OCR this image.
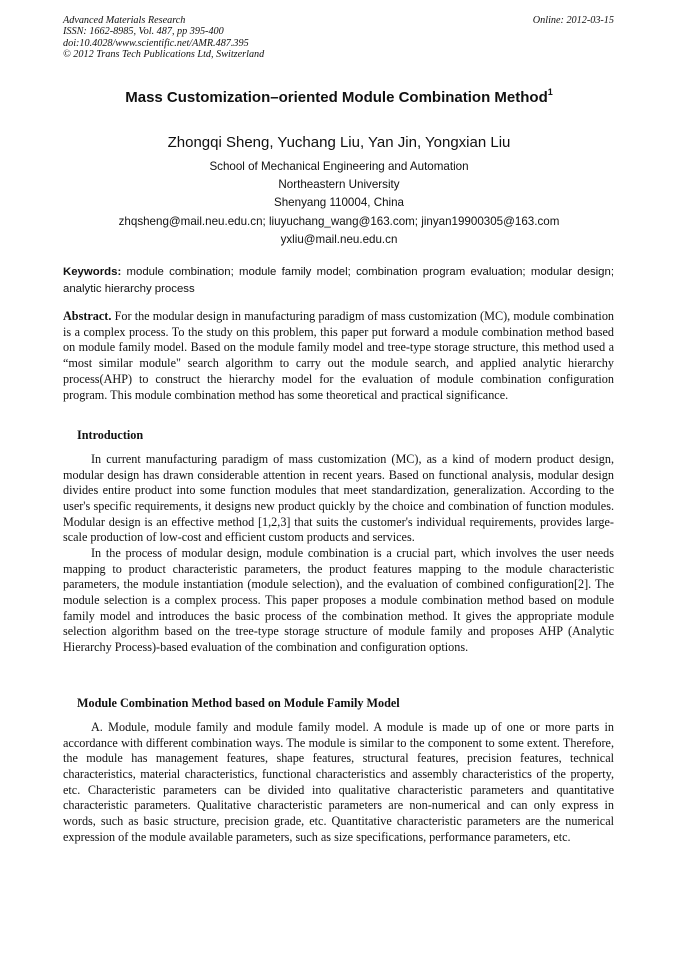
Advanced Materials Research
ISSN: 1662-8985, Vol. 487, pp 395-400
doi:10.4028/www.scientific.net/AMR.487.395
© 2012 Trans Tech Publications Ltd, Switzerland
Online: 2012-03-15
Mass Customization–oriented Module Combination Method$^1$
Zhongqi Sheng, Yuchang Liu, Yan Jin, Yongxian Liu
School of Mechanical Engineering and Automation
Northeastern University
Shenyang 110004, China
zhqsheng@mail.neu.edu.cn; liuyuchang_wang@163.com; jinyan19900305@163.com
yxliu@mail.neu.edu.cn
Keywords: module combination; module family model; combination program evaluation; modular design; analytic hierarchy process

Abstract. For the modular design in manufacturing paradigm of mass customization (MC), module combination is a complex process. To the study on this problem, this paper put forward a module combination method based on module family model. Based on the module family model and tree-type storage structure, this method used a “most similar module" search algorithm to carry out the module search, and applied analytic hierarchy process(AHP) to construct the hierarchy model for the evaluation of module combination configuration program. This module combination method has some theoretical and practical significance.

Introduction

In current manufacturing paradigm of mass customization (MC), as a kind of modern product design, modular design has drawn considerable attention in recent years. Based on functional analysis, modular design divides entire product into some function modules that meet standardization, generalization. According to the user's specific requirements, it designs new product quickly by the choice and combination of function modules. Modular design is an effective method [1,2,3] that suits the customer's individual requirements, provides large-scale production of low-cost and efficient custom products and services.

In the process of modular design, module combination is a crucial part, which involves the user needs mapping to product characteristic parameters, the product features mapping to the module characteristic parameters, the module instantiation (module selection), and the evaluation of combined configuration[2]. The module selection is a complex process. This paper proposes a module combination method based on module family model and introduces the basic process of the combination method. It gives the appropriate module selection algorithm based on the tree-type storage structure of module family and proposes AHP (Analytic Hierarchy Process)-based evaluation of the combination and configuration options.

Module Combination Method based on Module Family Model

A. Module, module family and module family model. A module is made up of one or more parts in accordance with different combination ways. The module is similar to the component to some extent. Therefore, the module has management features, shape features, structural features, precision features, technical characteristics, material characteristics, functional characteristics and assembly characteristics of the property, etc. Characteristic parameters can be divided into qualitative characteristic parameters and quantitative characteristic parameters. Qualitative characteristic parameters are non-numerical and can only express in words, such as basic structure, precision grade, etc. Quantitative characteristic parameters are the numerical expression of the module available parameters, such as size specifications, performance parameters, etc.
